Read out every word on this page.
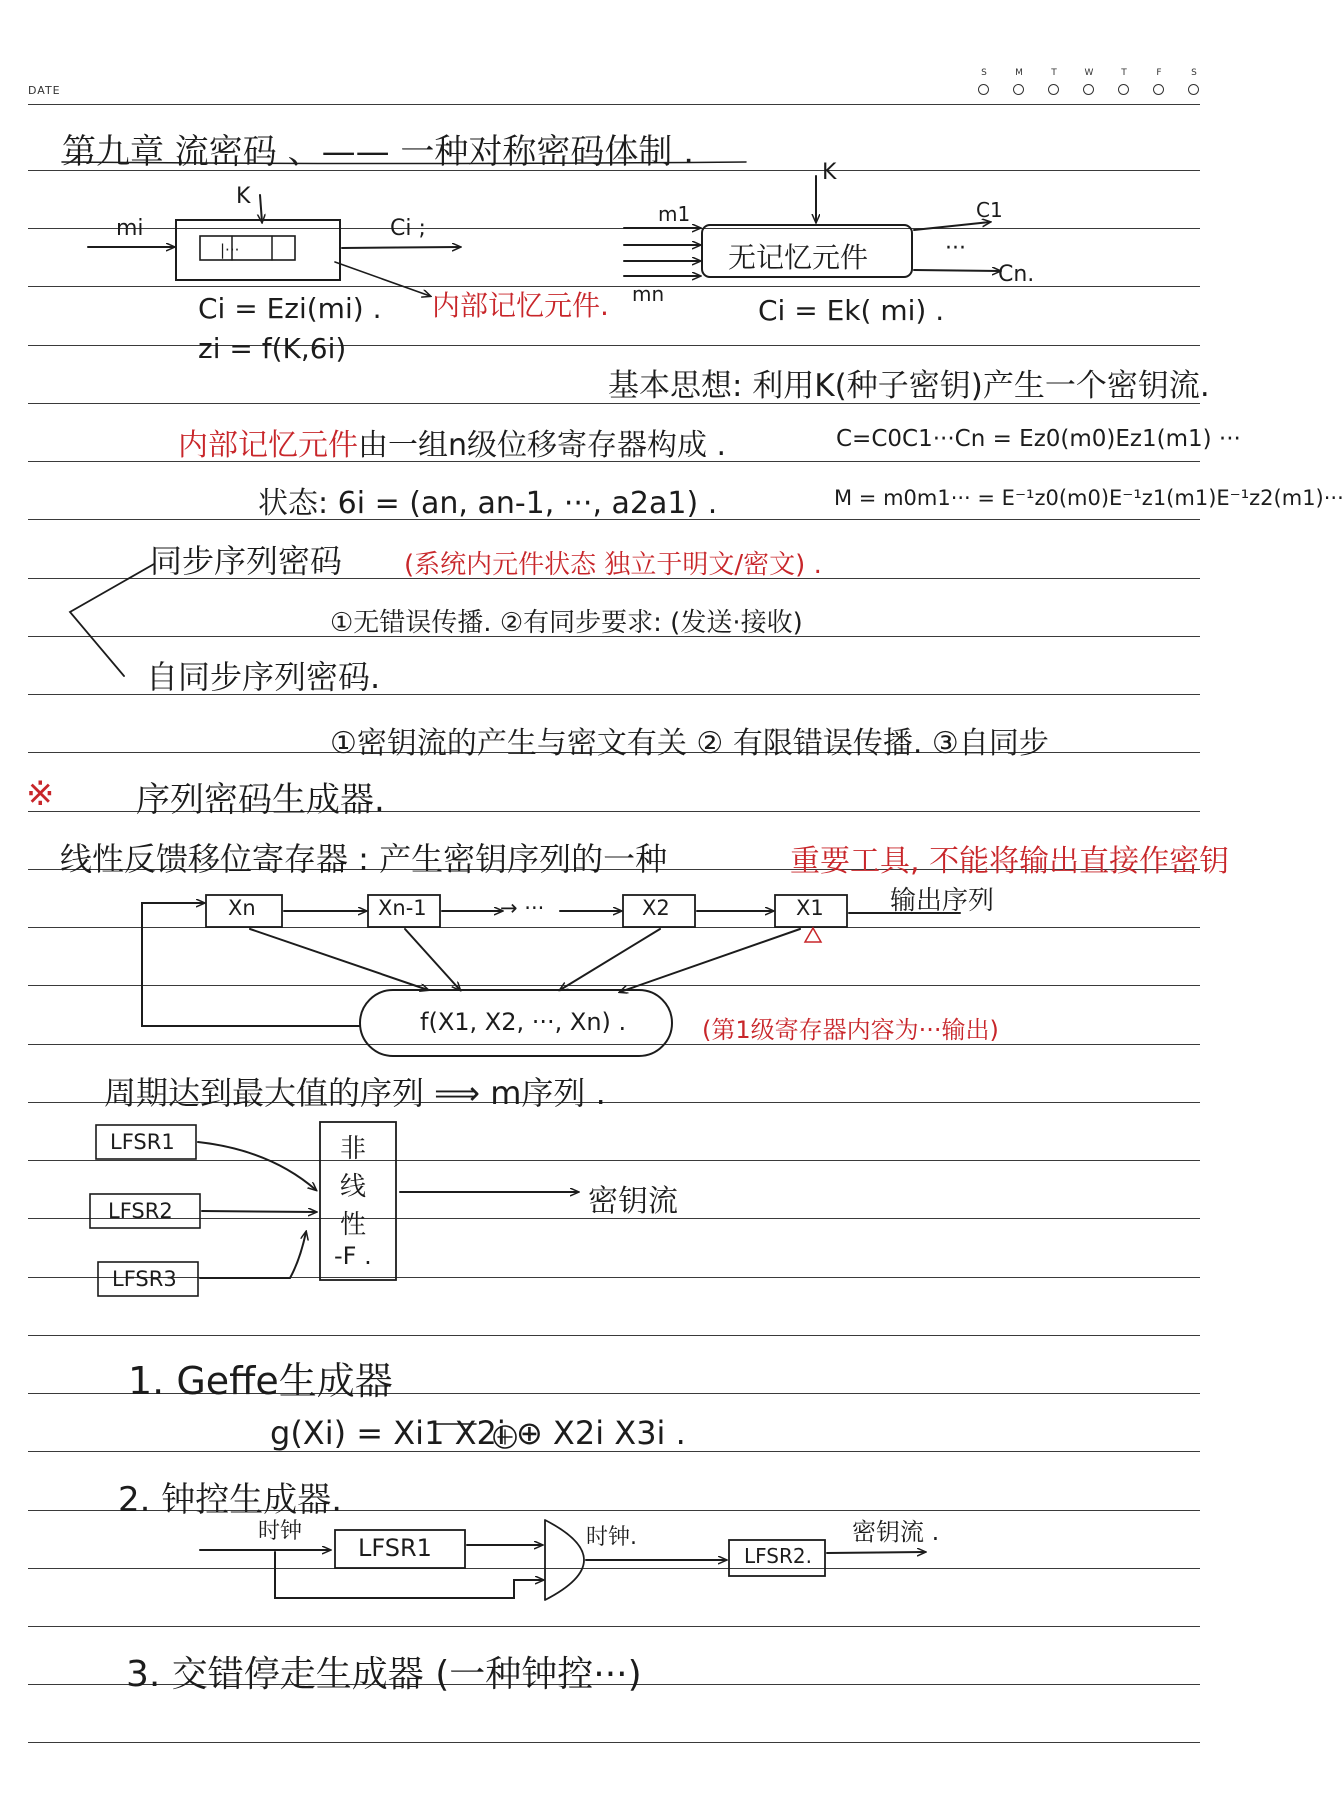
DATE
S	M	T	W	T	F	S
|···
第九章 流密码 、—— 一种对称密码体制 .
K
mi	Ci ;
内部记忆元件.
Ci = Ezi(mi) .
zi = f(K,6i)
K
m1
mn
无记忆元件
C1
···
Cn.
Ci = Ek( mi) .
基本思想: 利用K(种子密钥)产生一个密钥流.
内部记忆元件 由一组n级位移寄存器构成 .	C=C0C1···Cn = Ez0(m0)Ez1(m1) ···
状态: 6i = (an, an-1, ···, a2a1) .	M = m0m1··· = E⁻¹z0(m0)E⁻¹z1(m1)E⁻¹z2(m1)···
同步序列密码 (系统内元件状态 独立于明文/密文) .
①无错误传播. ②有同步要求: (发送·接收)
自同步序列密码.
①密钥流的产生与密文有关 ② 有限错误传播. ③自同步
※ 序列密码生成器.
线性反馈移位寄存器 : 产生密钥序列的一种	重要工具, 不能将输出直接作密钥
Xn	Xn-1	→ ···	X2	X1	输出序列
f(X1, X2, ···, Xn) .	(第1级寄存器内容为···输出)
周期达到最大值的序列 ⟹ m序列 .
LFSR1
LFSR2
LFSR3
非
线
性
-F .
密钥流
1. Geffe生成器
g(Xi) = Xi1 X2i ⊕ X2i X3i .
2. 钟控生成器.
时钟
LFSR1	时钟.
LFSR2.
密钥流 .
3. 交错停走生成器 (一种钟控···)
